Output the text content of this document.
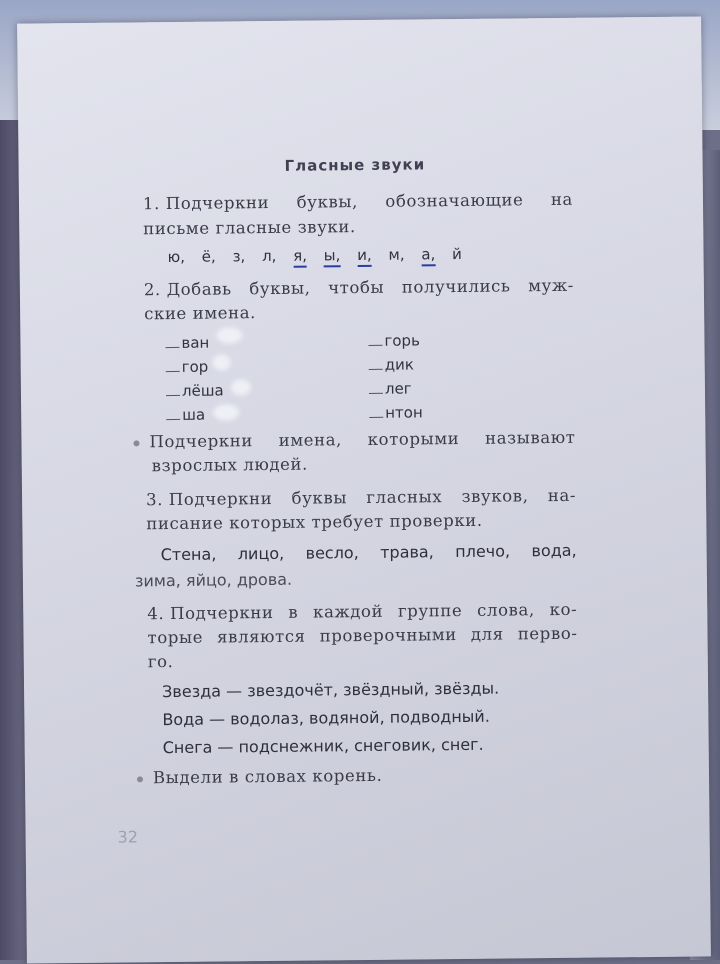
Гласные звуки
1. Подчеркни буквы, обозначающие на
письме гласные звуки.
ю, ё, з, л, я, ы, и, м, а, й
2. Добавь буквы, чтобы получились муж-
ские имена.
ван
гор
лёша
ша
горь
дик
лег
нтон
Подчеркни имена, которыми называют
взрослых людей.
3. Подчеркни буквы гласных звуков, на-
писание которых требует проверки.
Стена, лицо, весло, трава, плечо, вода,
зима, яйцо, дрова.
4. Подчеркни в каждой группе слова, ко-
торые являются проверочными для перво-
го.
Звезда — звездочёт, звёздный, звёзды.
Вода — водолаз, водяной, подводный.
Снега — подснежник, снеговик, снег.
Выдели в словах корень.
32
